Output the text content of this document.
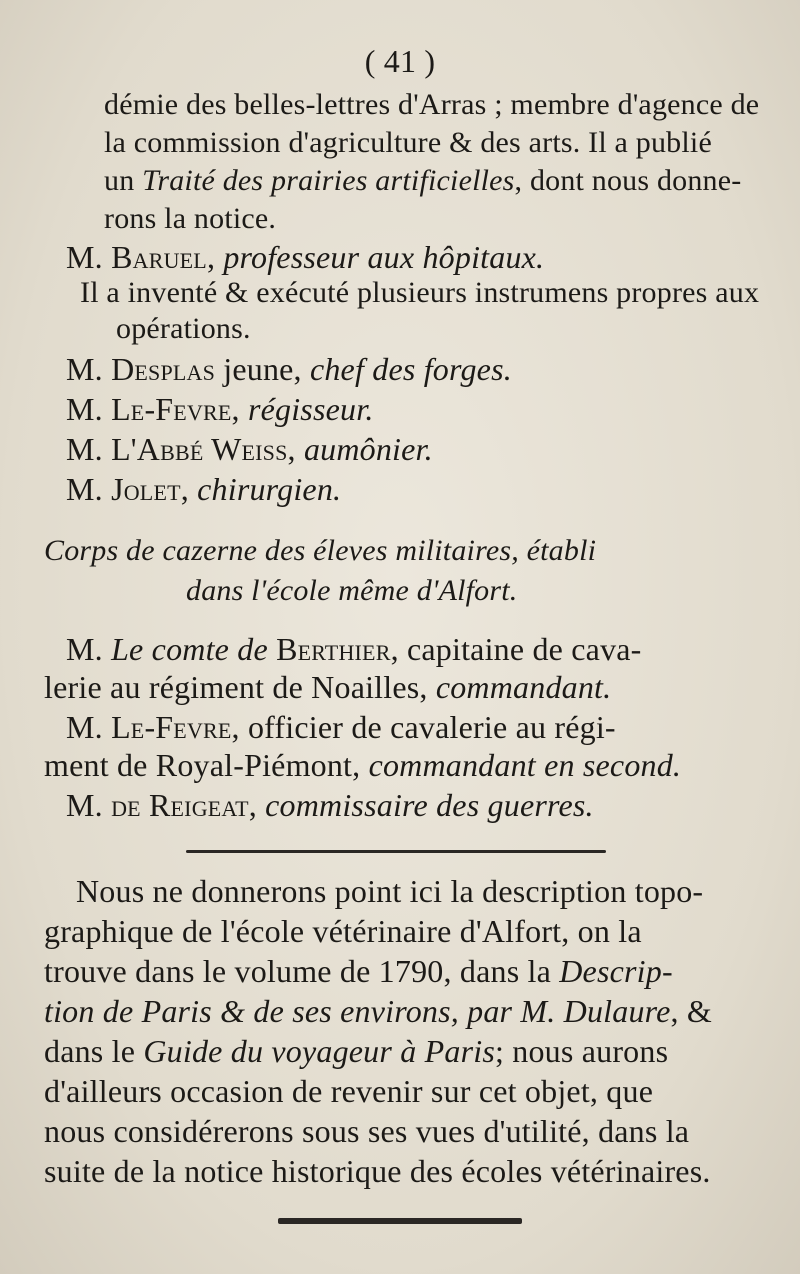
( 41 )
démie des belles-lettres d'Arras ; membre d'agence de
la commission d'agriculture & des arts. Il a publié
un Traité des prairies artificielles, dont nous donne-
rons la notice.
M. Baruel, professeur aux hôpitaux.
Il a inventé & exécuté plusieurs instrumens propres aux
opérations.
M. Desplas jeune, chef des forges.
M. Le-Fevre, régisseur.
M. L'Abbé Weiss, aumônier.
M. Jolet, chirurgien.
Corps de cazerne des éleves militaires, établi
dans l'école même d'Alfort.
M. Le comte de Berthier, capitaine de cava-
lerie au régiment de Noailles, commandant.
M. Le-Fevre, officier de cavalerie au régi-
ment de Royal-Piémont, commandant en second.
M. de Reigeat, commissaire des guerres.
Nous ne donnerons point ici la description topo-
graphique de l'école vétérinaire d'Alfort, on la
trouve dans le volume de 1790, dans la Descrip-
tion de Paris & de ses environs, par M. Dulaure, &
dans le Guide du voyageur à Paris; nous aurons
d'ailleurs occasion de revenir sur cet objet, que
nous considérerons sous ses vues d'utilité, dans la
suite de la notice historique des écoles vétérinaires.
